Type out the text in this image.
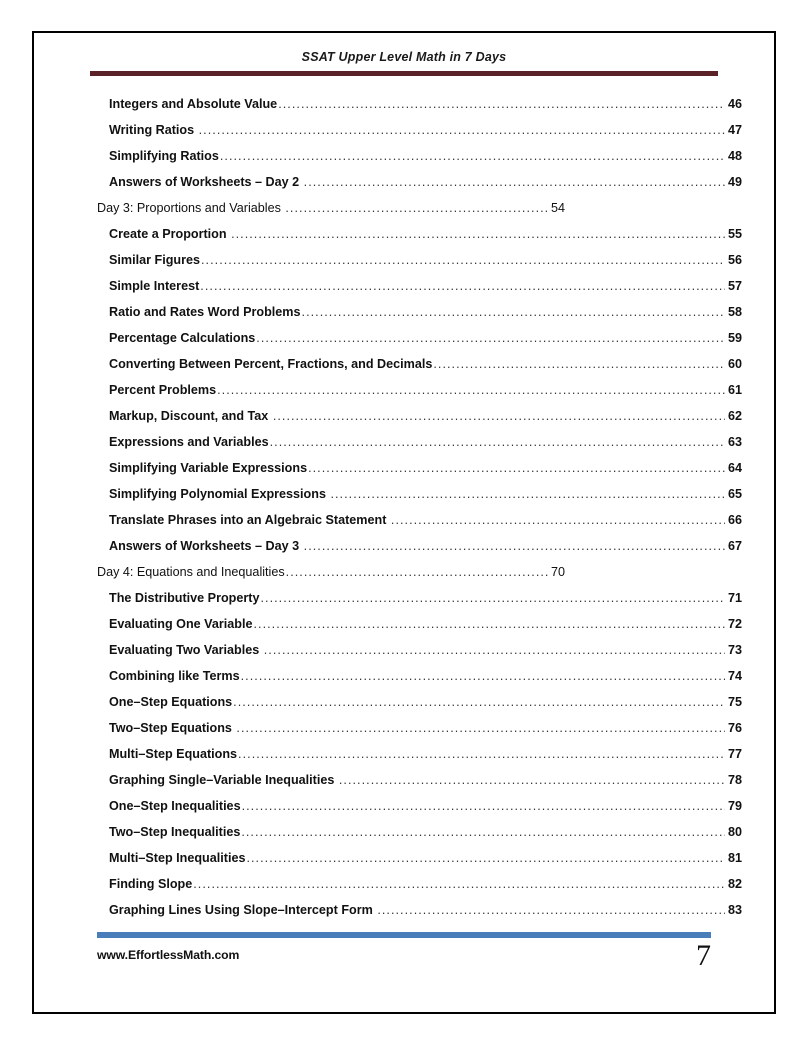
SSAT Upper Level Math in 7 Days
Integers and Absolute Value .....	46
Writing Ratios .....	47
Simplifying Ratios .....	48
Answers of Worksheets – Day 2 .....	49
Day 3: Proportions and Variables .....	54
Create a Proportion .....	55
Similar Figures .....	56
Simple Interest .....	57
Ratio and Rates Word Problems .....	58
Percentage Calculations .....	59
Converting Between Percent, Fractions, and Decimals .....	60
Percent Problems .....	61
Markup, Discount, and Tax .....	62
Expressions and Variables .....	63
Simplifying Variable Expressions .....	64
Simplifying Polynomial Expressions .....	65
Translate Phrases into an Algebraic Statement .....	66
Answers of Worksheets – Day 3 .....	67
Day 4: Equations and Inequalities .....	70
The Distributive Property .....	71
Evaluating One Variable .....	72
Evaluating Two Variables .....	73
Combining like Terms .....	74
One–Step Equations .....	75
Two–Step Equations .....	76
Multi–Step Equations .....	77
Graphing Single–Variable Inequalities .....	78
One–Step Inequalities .....	79
Two–Step Inequalities .....	80
Multi–Step Inequalities .....	81
Finding Slope .....	82
Graphing Lines Using Slope–Intercept Form .....	83
www.EffortlessMath.com	7
